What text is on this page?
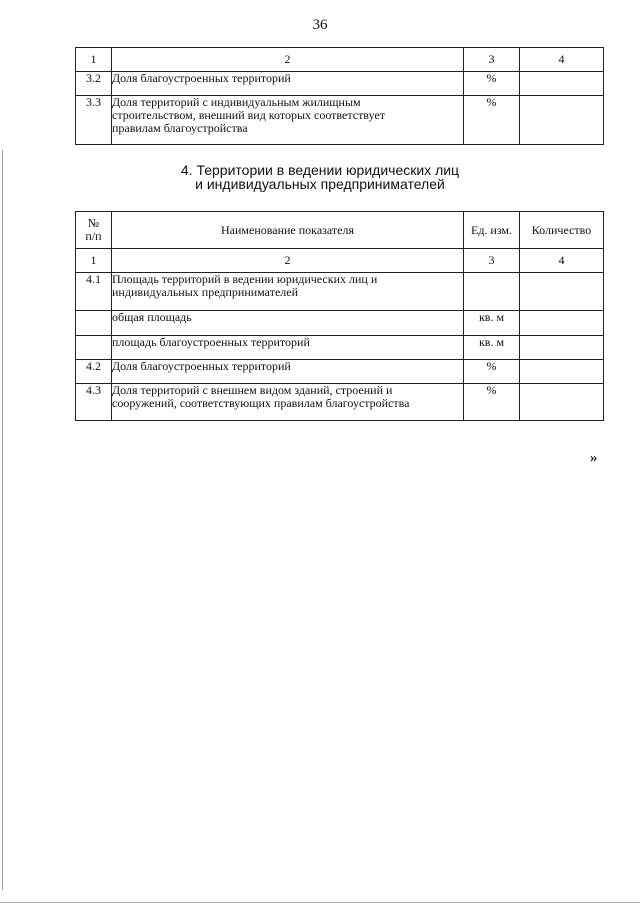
36
1	2	3	4
3.2	Доля благоустроенных территорий	%	
3.3	Доля территорий с индивидуальным жилищным
строительством, внешний вид которых соответствует
правилам благоустройства	%	
4. Территории в ведении юридических лиц
и индивидуальных предпринимателей
№
п/п	Наименование показателя	Ед. изм.	Количество
1	2	3	4
4.1	Площадь территорий в ведении юридических лиц и
индивидуальных предпринимателей		

	общая площадь	кв. м	
	площадь благоустроенных территорий	кв. м	
4.2	Доля благоустроенных территорий	%	
4.3	Доля территорий с внешнем видом зданий, строений и
сооружений, соответствующих правилам благоустройства	%	
»
